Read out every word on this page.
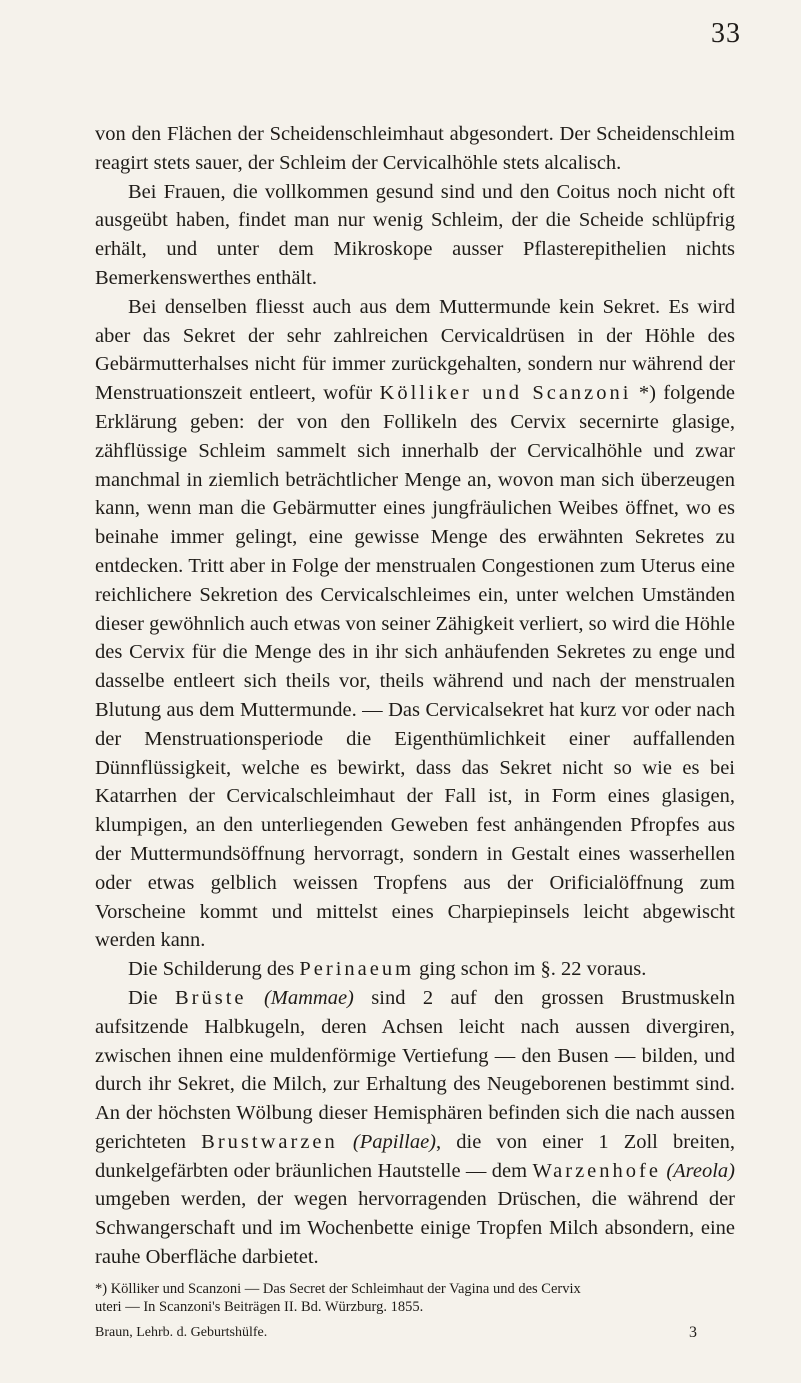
33

von den Flächen der Scheidenschleimhaut abgesondert. Der Scheidenschleim reagirt stets sauer, der Schleim der Cervicalhöhle stets alcalisch.

Bei Frauen, die vollkommen gesund sind und den Coitus noch nicht oft ausgeübt haben, findet man nur wenig Schleim, der die Scheide schlüpfrig erhält, und unter dem Mikroskope ausser Pflasterepithelien nichts Bemerkenswerthes enthält.

Bei denselben fliesst auch aus dem Muttermunde kein Sekret. Es wird aber das Sekret der sehr zahlreichen Cervicaldrüsen in der Höhle des Gebärmutterhalses nicht für immer zurückgehalten, sondern nur während der Menstruationszeit entleert, wofür Kölliker und Scanzoni *) folgende Erklärung geben: der von den Follikeln des Cervix secernirte glasige, zähflüssige Schleim sammelt sich innerhalb der Cervicalhöhle und zwar manchmal in ziemlich beträchtlicher Menge an, wovon man sich überzeugen kann, wenn man die Gebärmutter eines jungfräulichen Weibes öffnet, wo es beinahe immer gelingt, eine gewisse Menge des erwähnten Sekretes zu entdecken. Tritt aber in Folge der menstrualen Congestionen zum Uterus eine reichlichere Sekretion des Cervicalschleimes ein, unter welchen Umständen dieser gewöhnlich auch etwas von seiner Zähigkeit verliert, so wird die Höhle des Cervix für die Menge des in ihr sich anhäufenden Sekretes zu enge und dasselbe entleert sich theils vor, theils während und nach der menstrualen Blutung aus dem Muttermunde. — Das Cervicalsekret hat kurz vor oder nach der Menstruationsperiode die Eigenthümlichkeit einer auffallenden Dünnflüssigkeit, welche es bewirkt, dass das Sekret nicht so wie es bei Katarrhen der Cervicalschleimhaut der Fall ist, in Form eines glasigen, klumpigen, an den unterliegenden Geweben fest anhängenden Pfropfes aus der Muttermundsöffnung hervorragt, sondern in Gestalt eines wasserhellen oder etwas gelblich weissen Tropfens aus der Orificialöffnung zum Vorscheine kommt und mittelst eines Charpiepinsels leicht abgewischt werden kann.

Die Schilderung des Perinaeum ging schon im §. 22 voraus.

Die Brüste (Mammae) sind 2 auf den grossen Brustmuskeln aufsitzende Halbkugeln, deren Achsen leicht nach aussen divergiren, zwischen ihnen eine muldenförmige Vertiefung — den Busen — bilden, und durch ihr Sekret, die Milch, zur Erhaltung des Neugeborenen bestimmt sind. An der höchsten Wölbung dieser Hemisphären befinden sich die nach aussen gerichteten Brustwarzen (Papillae), die von einer 1 Zoll breiten, dunkelgefärbten oder bräunlichen Hautstelle — dem Warzenhofe (Areola) umgeben werden, der wegen hervorragenden Drüschen, die während der Schwangerschaft und im Wochenbette einige Tropfen Milch absondern, eine rauhe Oberfläche darbietet.

*) Kölliker und Scanzoni — Das Secret der Schleimhaut der Vagina und des Cervix

uteri — In Scanzoni's Beiträgen II. Bd. Würzburg. 1855.

Braun, Lehrb. d. Geburtshülfe.	3
